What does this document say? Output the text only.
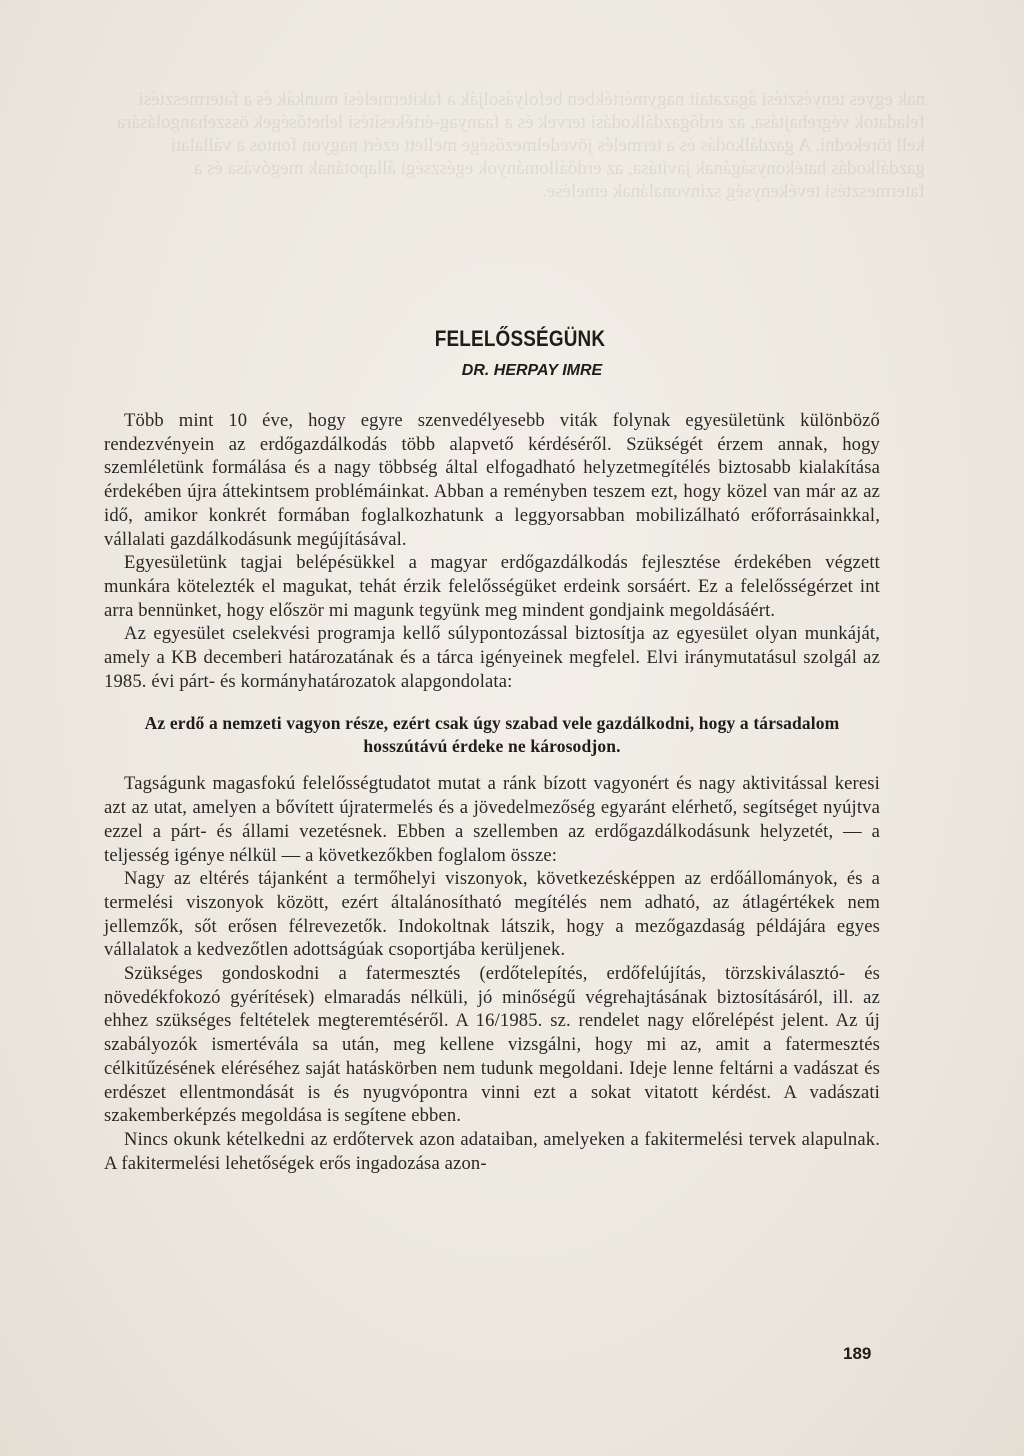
nak egyes tenyésztési ágazatait nagymértékben befolyásolják a fakitermelési munkák és a fatermesztési feladatok végrehajtása, az erdőgazdálkodási tervek és a faanyag-értékesítési lehetőségek összehangolására kell törekedni. A gazdálkodás és a termelés jövedelmezősége mellett ezért nagyon fontos a vállalati gazdálkodás hatékonyságának javítása, az erdőállományok egészségi állapotának megóvása és a fatermesztési tevékenység színvonalának emelése.
FELELŐSSÉGÜNK
DR. HERPAY IMRE

Több mint 10 éve, hogy egyre szenvedélyesebb viták folynak egyesületünk különböző rendezvényein az erdőgazdálkodás több alapvető kérdéséről. Szükségét érzem annak, hogy szemléletünk formálása és a nagy többség által elfogadható helyzetmegítélés biztosabb kialakítása érdekében újra áttekintsem problémáinkat. Abban a reményben teszem ezt, hogy közel van már az az idő, amikor konkrét formában foglalkozhatunk a leggyorsabban mobilizálható erőforrásainkkal, vállalati gazdálkodásunk megújításával.

Egyesületünk tagjai belépésükkel a magyar erdőgazdálkodás fejlesztése érdekében végzett munkára kötelezték el magukat, tehát érzik felelősségüket erdeink sorsáért. Ez a felelősségérzet int arra bennünket, hogy először mi magunk tegyünk meg mindent gondjaink megoldásáért.

Az egyesület cselekvési programja kellő súlypontozással biztosítja az egyesület olyan munkáját, amely a KB decemberi határozatának és a tárca igényeinek megfelel. Elvi iránymutatásul szolgál az 1985. évi párt- és kormányhatározatok alapgondolata:

Az erdő a nemzeti vagyon része, ezért csak úgy szabad vele gazdálkodni, hogy a társadalom hosszútávú érdeke ne károsodjon.

Tagságunk magasfokú felelősségtudatot mutat a ránk bízott vagyonért és nagy aktivitással keresi azt az utat, amelyen a bővített újratermelés és a jövedelmezőség egyaránt elérhető, segítséget nyújtva ezzel a párt- és állami vezetésnek. Ebben a szellemben az erdőgazdálkodásunk helyzetét, — a teljesség igénye nélkül — a következőkben foglalom össze:

Nagy az eltérés tájanként a termőhelyi viszonyok, következésképpen az erdőállományok, és a termelési viszonyok között, ezért általánosítható megítélés nem adható, az átlagértékek nem jellemzők, sőt erősen félrevezetők. Indokoltnak látszik, hogy a mezőgazdaság példájára egyes vállalatok a kedvezőtlen adottságúak csoportjába kerüljenek.

Szükséges gondoskodni a fatermesztés (erdőtelepítés, erdőfelújítás, törzskiválasztó- és növedékfokozó gyérítések) elmaradás nélküli, jó minőségű végrehajtásának biztosításáról, ill. az ehhez szükséges feltételek megteremtéséről. A 16/1985. sz. rendelet nagy előrelépést jelent. Az új szabályozók ismertévála sa után, meg kellene vizsgálni, hogy mi az, amit a fatermesztés célkitűzésének eléréséhez saját hatáskörben nem tudunk megoldani. Ideje lenne feltárni a vadászat és erdészet ellentmondását is és nyugvópontra vinni ezt a sokat vitatott kérdést. A vadászati szakemberképzés megoldása is segítene ebben.

Nincs okunk kételkedni az erdőtervek azon adataiban, amelyeken a fakitermelési tervek alapulnak. A fakitermelési lehetőségek erős ingadozása azon-

189
